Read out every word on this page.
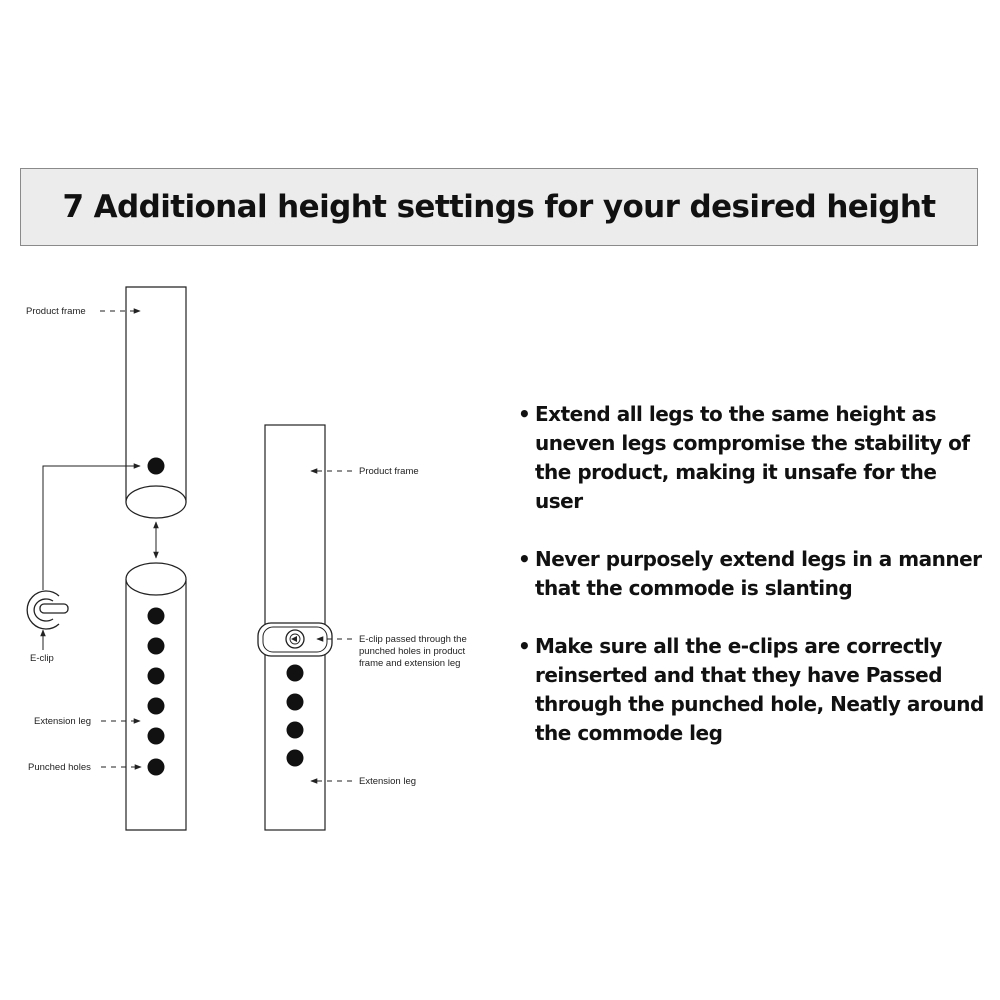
7 Additional height settings for your desired height
Product frame
E-clip
Extension leg
Punched holes
Product frame
E-clip passed through the
punched holes in product
frame and extension leg
Extension leg
• Extend all legs to the same height as uneven legs compromise the stability of the product, making it unsafe for the user
• Never purposely extend legs in a manner that the commode is slanting
• Make sure all the e-clips are correctly reinserted and that they have Passed through the punched hole, Neatly around the commode leg
